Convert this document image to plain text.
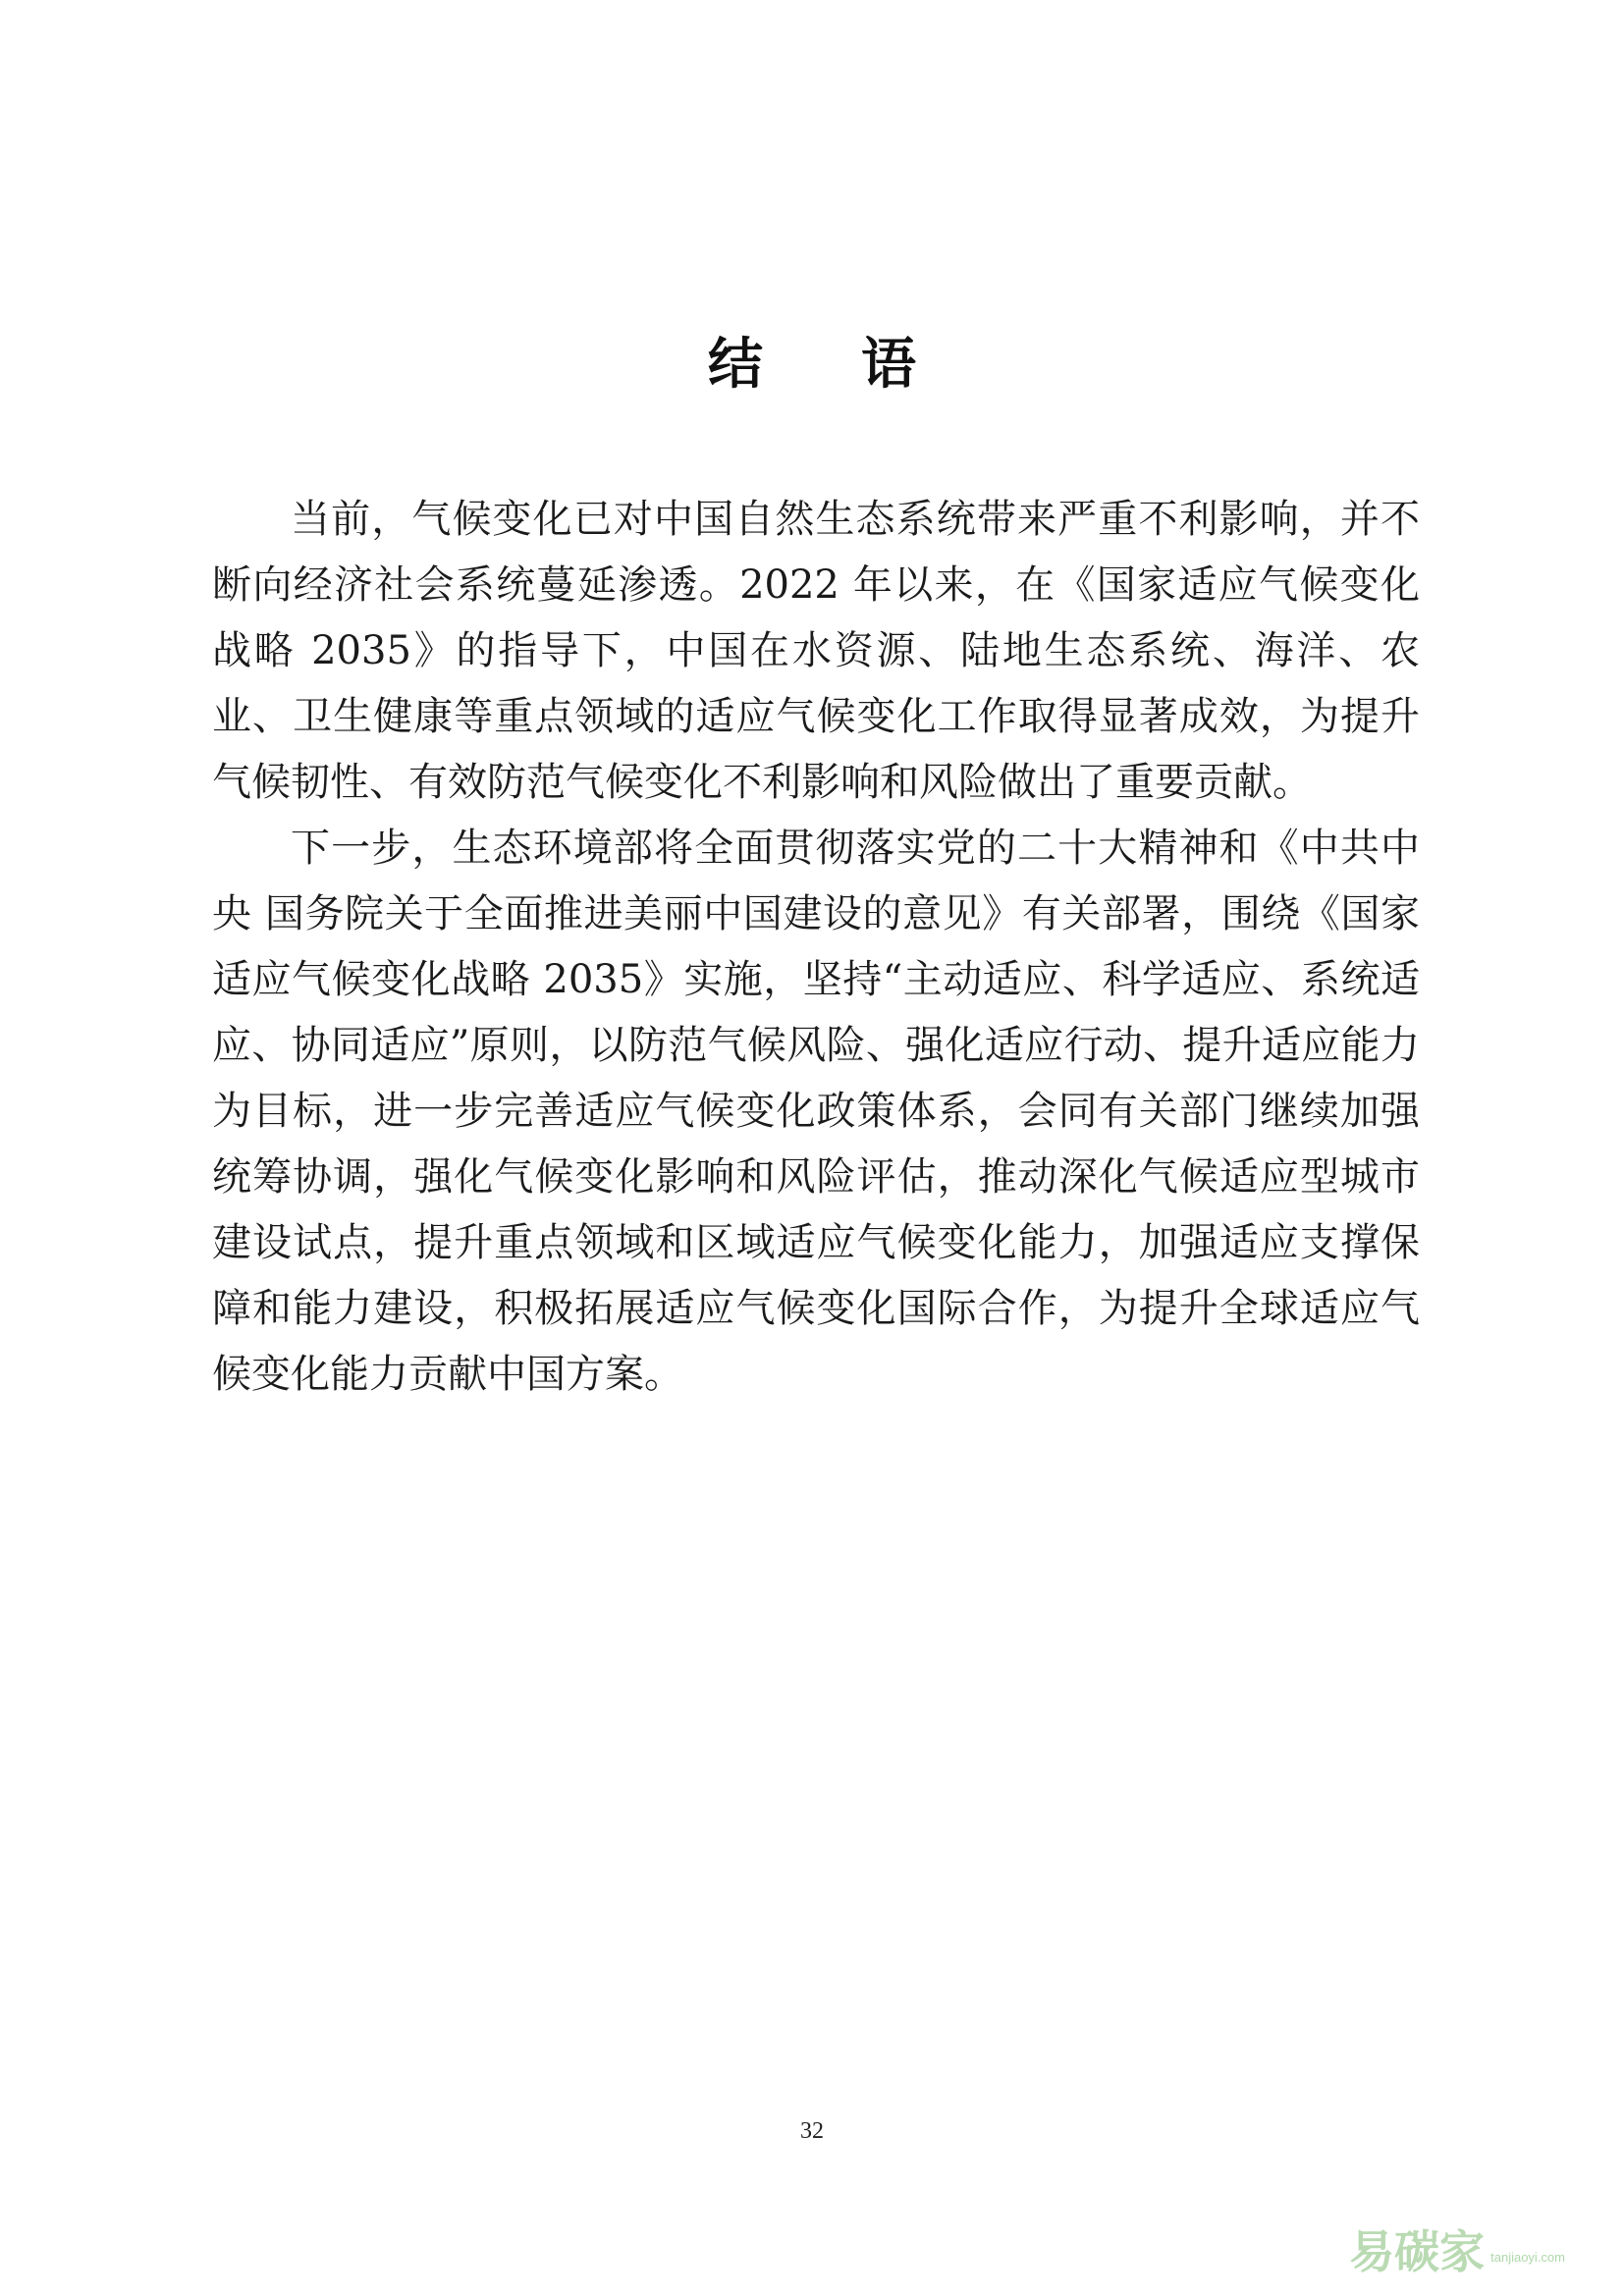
结语

当前，气候变化已对中国自然生态系统带来严重不利影响，并不断向经济社会系统蔓延渗透。2022 年以来，在《国家适应气候变化战略 2035》的指导下，中国在水资源、陆地生态系统、海洋、农业、卫生健康等重点领域的适应气候变化工作取得显著成效，为提升气候韧性、有效防范气候变化不利影响和风险做出了重要贡献。

下一步，生态环境部将全面贯彻落实党的二十大精神和《中共中央 国务院关于全面推进美丽中国建设的意见》有关部署，围绕《国家适应气候变化战略 2035》实施，坚持“主动适应、科学适应、系统适应、协同适应”原则，以防范气候风险、强化适应行动、提升适应能力为目标，进一步完善适应气候变化政策体系，会同有关部门继续加强统筹协调，强化气候变化影响和风险评估，推动深化气候适应型城市建设试点，提升重点领域和区域适应气候变化能力，加强适应支撑保障和能力建设，积极拓展适应气候变化国际合作，为提升全球适应气候变化能力贡献中国方案。

32
易碳家 tanjiaoyi.com
